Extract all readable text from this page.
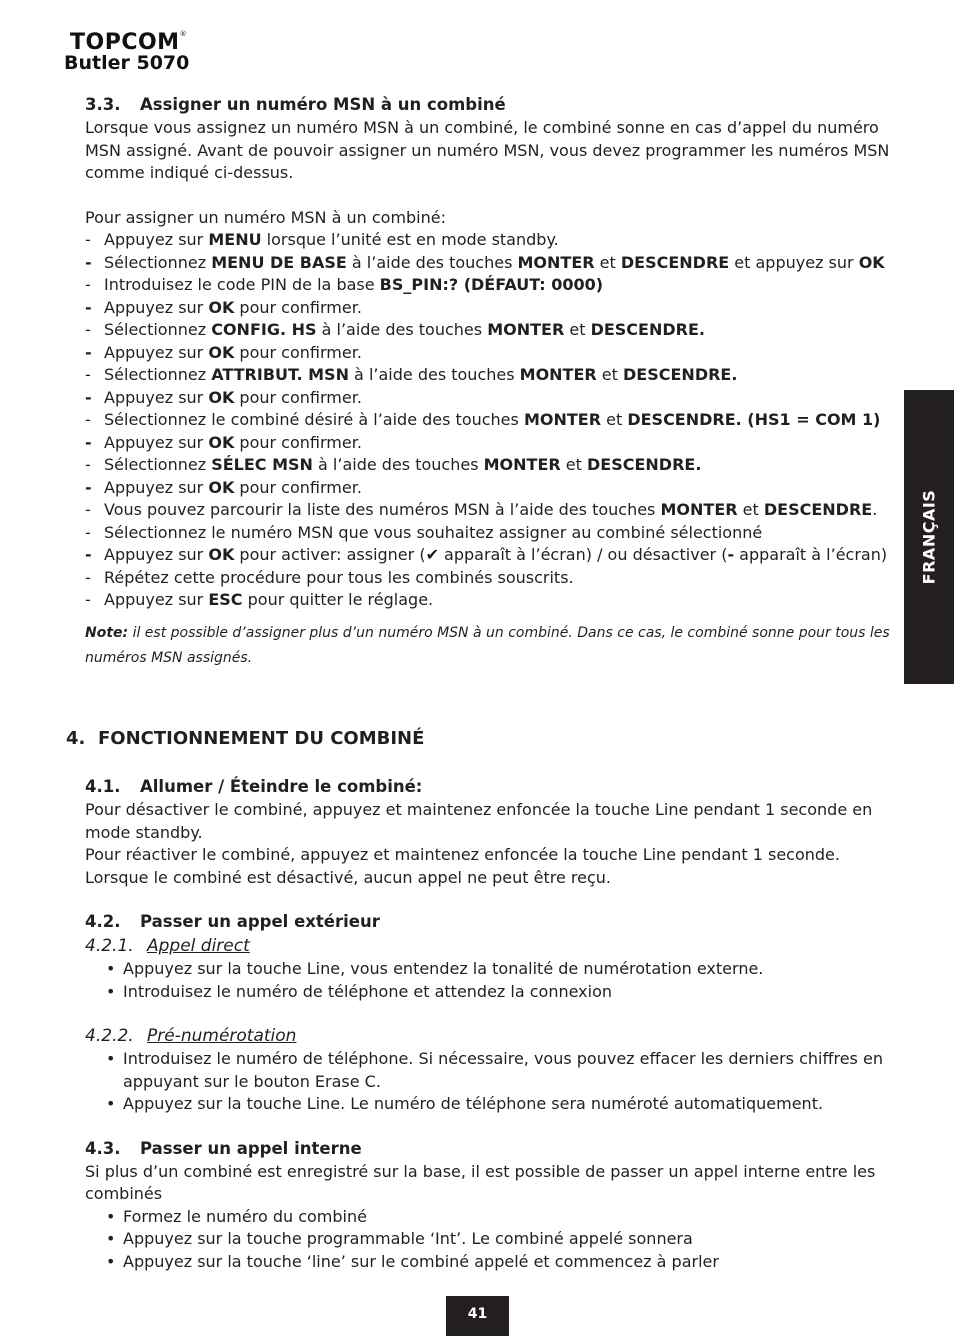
TOPCOM®
Butler 5070
FRANÇAIS
3.3. Assigner un numéro MSN à un combiné

Lorsque vous assignez un numéro MSN à un combiné, le combiné sonne en cas d’appel du numéro MSN assigné. Avant de pouvoir assigner un numéro MSN, vous devez programmer les numéros MSN comme indiqué ci-dessus.

Pour assigner un numéro MSN à un combiné:

- Appuyez sur MENU lorsque l’unité est en mode standby.
- Sélectionnez MENU DE BASE à l’aide des touches MONTER et DESCENDRE et appuyez sur OK
- Introduisez le code PIN de la base BS_PIN:? (DÉFAUT: 0000)
- Appuyez sur OK pour confirmer.
- Sélectionnez CONFIG. HS à l’aide des touches MONTER et DESCENDRE.
- Appuyez sur OK pour confirmer.
- Sélectionnez ATTRIBUT. MSN à l’aide des touches MONTER et DESCENDRE.
- Appuyez sur OK pour confirmer.
- Sélectionnez le combiné désiré à l’aide des touches MONTER et DESCENDRE. (HS1 = COM 1)
- Appuyez sur OK pour confirmer.
- Sélectionnez SÉLEC MSN à l’aide des touches MONTER et DESCENDRE.
- Appuyez sur OK pour confirmer.
- Vous pouvez parcourir la liste des numéros MSN à l’aide des touches MONTER et DESCENDRE.
- Sélectionnez le numéro MSN que vous souhaitez assigner au combiné sélectionné
- Appuyez sur OK pour activer: assigner (✔ apparaît à l’écran) / ou désactiver (- apparaît à l’écran)
- Répétez cette procédure pour tous les combinés souscrits.
- Appuyez sur ESC pour quitter le réglage.
Note: il est possible d’assigner plus d’un numéro MSN à un combiné. Dans ce cas, le combiné sonne pour tous les numéros MSN assignés.
4. FONCTIONNEMENT DU COMBINÉ
4.1. Allumer / Éteindre le combiné:

Pour désactiver le combiné, appuyez et maintenez enfoncée la touche Line pendant 1 seconde en mode standby.

Pour réactiver le combiné, appuyez et maintenez enfoncée la touche Line pendant 1 seconde.

Lorsque le combiné est désactivé, aucun appel ne peut être reçu.

4.2. Passer un appel extérieur
4.2.1. Appel direct
• Appuyez sur la touche Line, vous entendez la tonalité de numérotation externe.
• Introduisez le numéro de téléphone et attendez la connexion
4.2.2. Pré-numérotation
• Introduisez le numéro de téléphone. Si nécessaire, vous pouvez effacer les derniers chiffres en appuyant sur le bouton Erase C.
• Appuyez sur la touche Line. Le numéro de téléphone sera numéroté automatiquement.
4.3. Passer un appel interne

Si plus d’un combiné est enregistré sur la base, il est possible de passer un appel interne entre les combinés

• Formez le numéro du combiné
• Appuyez sur la touche programmable ‘Int’. Le combiné appelé sonnera
• Appuyez sur la touche ‘line’ sur le combiné appelé et commencez à parler
41
